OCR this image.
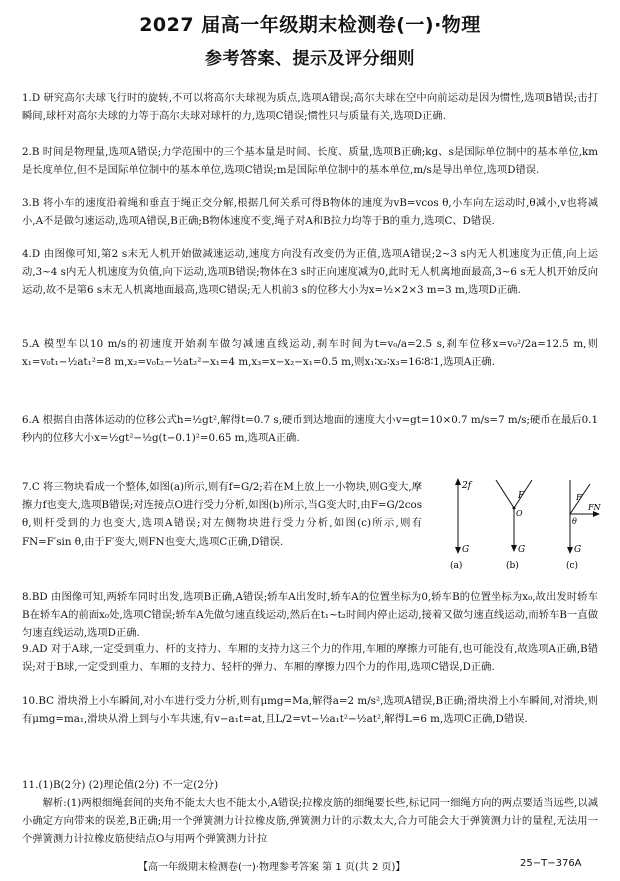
2027 届高一年级期末检测卷(一)·物理
参考答案、提示及评分细则
1.D 研究高尔夫球飞行时的旋转,不可以将高尔夫球视为质点,选项A错误;高尔夫球在空中向前运动是因为惯性,选项B错误;击打瞬间,球杆对高尔夫球的力等于高尔夫球对球杆的力,选项C错误;惯性只与质量有关,选项D正确.
2.B 时间是物理量,选项A错误;力学范围中的三个基本量是时间、长度、质量,选项B正确;kg、s是国际单位制中的基本单位,km是长度单位,但不是国际单位制中的基本单位,选项C错误;m是国际单位制中的基本单位,m/s是导出单位,选项D错误.
3.B 将小车的速度沿着绳和垂直于绳正交分解,根据几何关系可得B物体的速度为vB=vcos θ,小车向左运动时,θ减小,v也将减小,A不是做匀速运动,选项A错误,B正确;B物体速度不变,绳子对A和B拉力均等于B的重力,选项C、D错误.
4.D 由图像可知,第2 s末无人机开始做减速运动,速度方向没有改变仍为正值,选项A错误;2~3 s内无人机速度为正值,向上运动,3~4 s内无人机速度为负值,向下运动,选项B错误;物体在3 s时正向速度减为0,此时无人机离地面最高,3~6 s无人机开始反向运动,故不是第6 s末无人机离地面最高,选项C错误;无人机前3 s的位移大小为x=½×2×3 m=3 m,选项D正确.
5.A 模型车以10 m/s的初速度开始刹车做匀减速直线运动,刹车时间为t=v₀/a=2.5 s,刹车位移x=v₀²/2a=12.5 m,则x₁=v₀t₁−½at₁²=8 m,x₂=v₀t₂−½at₂²−x₁=4 m,x₃=x−x₂−x₁=0.5 m,则x₁∶x₂∶x₃=16∶8∶1,选项A正确.
6.A 根据自由落体运动的位移公式h=½gt²,解得t=0.7 s,硬币到达地面的速度大小v=gt=10×0.7 m/s=7 m/s;硬币在最后0.1秒内的位移大小x=½gt²−½g(t−0.1)²=0.65 m,选项A正确.
7.C 将三物块看成一个整体,如图(a)所示,则有f=G/2;若在M上放上一小物块,则G变大,摩擦力f也变大,选项B错误;对连接点O进行受力分析,如图(b)所示,当G变大时,由F=G/2cos θ,则杆受到的力也变大,选项A错误;对左侧物块进行受力分析,如图(c)所示,则有FN=F′sin θ,由于F′变大,则FN也变大,选项C正确,D错误.
2f
G
(a)
F
O
G
(b)
F′
θ
FN
G
(c)
8.BD 由图像可知,两轿车同时出发,选项B正确,A错误;轿车A出发时,轿车A的位置坐标为0,轿车B的位置坐标为x₀,故出发时轿车B在轿车A的前面x₀处,选项C错误;轿车A先做匀速直线运动,然后在t₁~t₂时间内停止运动,接着又做匀速直线运动,而轿车B一直做匀速直线运动,选项D正确.
9.AD 对于A球,一定受到重力、杆的支持力、车厢的支持力这三个力的作用,车厢的摩擦力可能有,也可能没有,故选项A正确,B错误;对于B球,一定受到重力、车厢的支持力、轻杆的弹力、车厢的摩擦力四个力的作用,选项C错误,D正确.
10.BC 滑块滑上小车瞬间,对小车进行受力分析,则有μmg=Ma,解得a=2 m/s²,选项A错误,B正确;滑块滑上小车瞬间,对滑块,则有μmg=ma₁,滑块从滑上到与小车共速,有v−a₁t=at,且L/2=vt−½a₁t²−½at²,解得L=6 m,选项C正确,D错误.
11.(1)B(2分) (2)理论值(2分) 不一定(2分)
解析:(1)两根细绳套间的夹角不能太大也不能太小,A错误;拉橡皮筋的细绳要长些,标记同一细绳方向的两点要适当远些,以减小确定方向带来的误差,B正确;用一个弹簧测力计拉橡皮筋,弹簧测力计的示数太大,合力可能会大于弹簧测力计的量程,无法用一个弹簧测力计拉橡皮筋使结点O与用两个弹簧测力计拉
【高一年级期末检测卷(一)·物理参考答案 第 1 页(共 2 页)】	25−T−376A
